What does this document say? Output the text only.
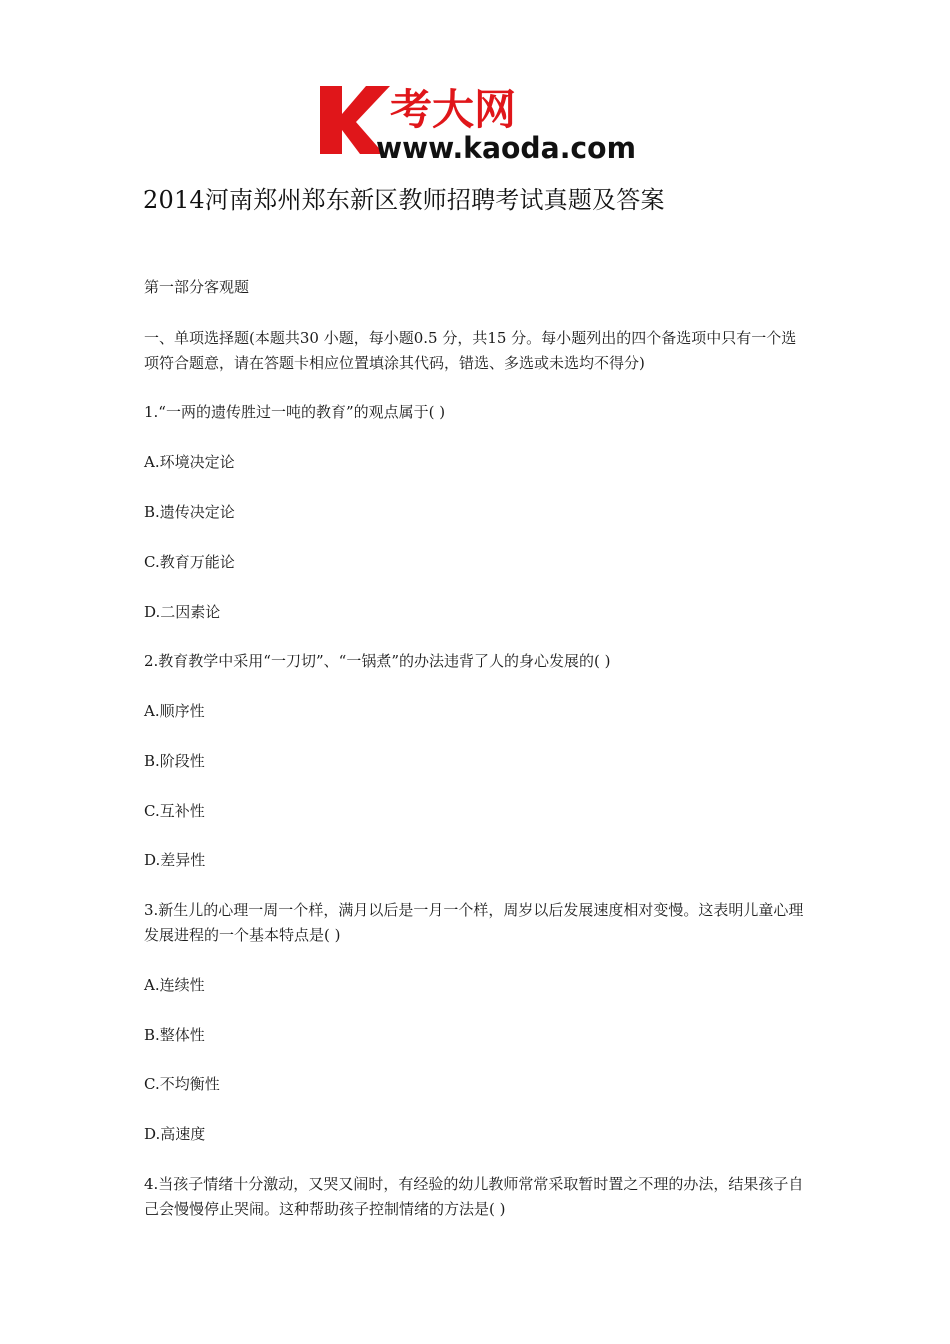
考大网
www.kaoda.com
2014河南郑州郑东新区教师招聘考试真题及答案
第一部分客观题
一、单项选择题(本题共30 小题，每小题0.5 分，共15 分。每小题列出的四个备选项中只有一个选项符合题意，请在答题卡相应位置填涂其代码，错选、多选或未选均不得分)
1.“一两的遗传胜过一吨的教育”的观点属于( )
A.环境决定论
B.遗传决定论
C.教育万能论
D.二因素论
2.教育教学中采用“一刀切”、“一锅煮”的办法违背了人的身心发展的( )
A.顺序性
B.阶段性
C.互补性
D.差异性
3.新生儿的心理一周一个样，满月以后是一月一个样，周岁以后发展速度相对变慢。这表明儿童心理发展进程的一个基本特点是( )
A.连续性
B.整体性
C.不均衡性
D.高速度
4.当孩子情绪十分激动，又哭又闹时，有经验的幼儿教师常常采取暂时置之不理的办法，结果孩子自己会慢慢停止哭闹。这种帮助孩子控制情绪的方法是( )
